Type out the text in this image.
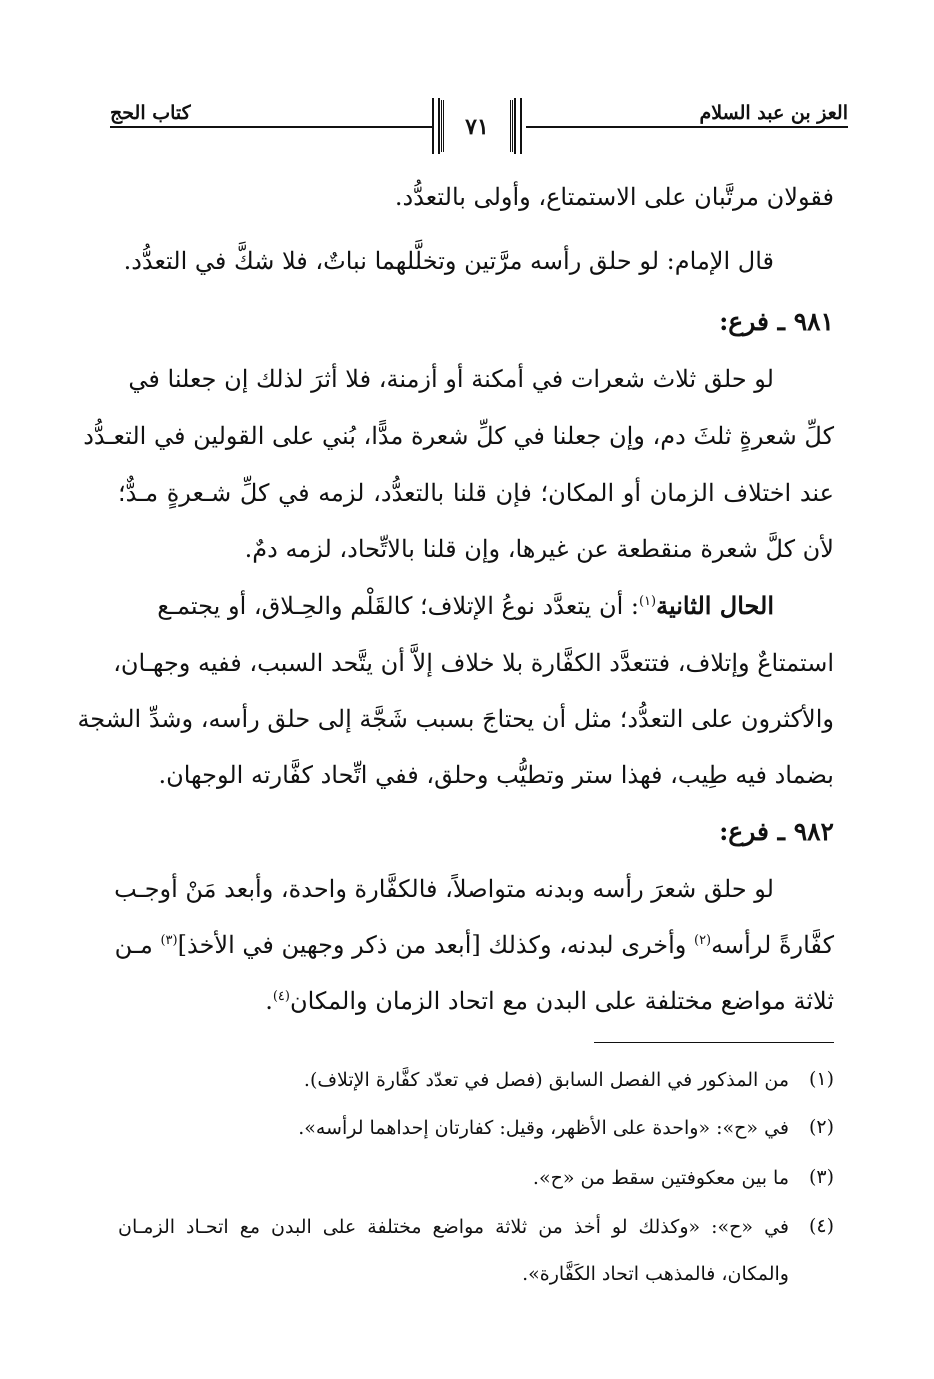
العز بن عبد السلام
٧١
كتاب الحج
فقولان مرتَّبان على الاستمتاع، وأولى بالتعدُّد.
قال الإمام: لو حلق رأسه مرَّتين وتخلَّلهما نباتٌ، فلا شكَّ في التعدُّد.
٩٨١ ـ فرع:
لو حلق ثلاث شعرات في أمكنة أو أزمنة، فلا أثرَ لذلك إن جعلنا في
كلِّ شعرةٍ ثلثَ دم، وإن جعلنا في كلِّ شعرة مدًّا، بُني على القولين في التعـدُّد
عند اختلاف الزمان أو المكان؛ فإن قلنا بالتعدُّد، لزمه في كلِّ شـعرةٍ مـدٌّ؛
لأن كلَّ شعرة منقطعة عن غيرها، وإن قلنا بالاتِّحاد، لزمه دمٌ.
الحال الثانية$^{(١)}$: أن يتعدَّد نوعُ الإتلاف؛ كالقَلْم والحِـلاق، أو يجتمـع
استمتاعٌ وإتلاف، فتتعدَّد الكفَّارة بلا خلاف إلاَّ أن يتَّحد السبب، ففيه وجهـان،
والأكثرون على التعدُّد؛ مثل أن يحتاجَ بسبب شَجَّة إلى حلق رأسه، وشدِّ الشجة
بضماد فيه طِيب، فهذا ستر وتطيُّب وحلق، ففي اتِّحاد كفَّارته الوجهان.
٩٨٢ ـ فرع:
لو حلق شعرَ رأسه وبدنه متواصلاً، فالكفَّارة واحدة، وأبعد مَنْ أوجـب
كفَّارةً لرأسه$^{(٢)}$ وأخرى لبدنه، وكذلك [أبعد من ذكر وجهين في الأخذ]$^{(٣)}$ مـن
ثلاثة مواضع مختلفة على البدن مع اتحاد الزمان والمكان$^{(٤)}$.
(١)
من المذكور في الفصل السابق (فصل في تعدّد كفَّارة الإتلاف).
(٢)
في «ح»: «واحدة على الأظهر، وقيل: كفارتان إحداهما لرأسه».
(٣)
ما بين معكوفتين سقط من «ح».
(٤)
في «ح»: «وكذلك لو أخذ من ثلاثة مواضع مختلفة على البدن مع اتحـاد الزمـان
والمكان، فالمذهب اتحاد الكَفَّارة».
